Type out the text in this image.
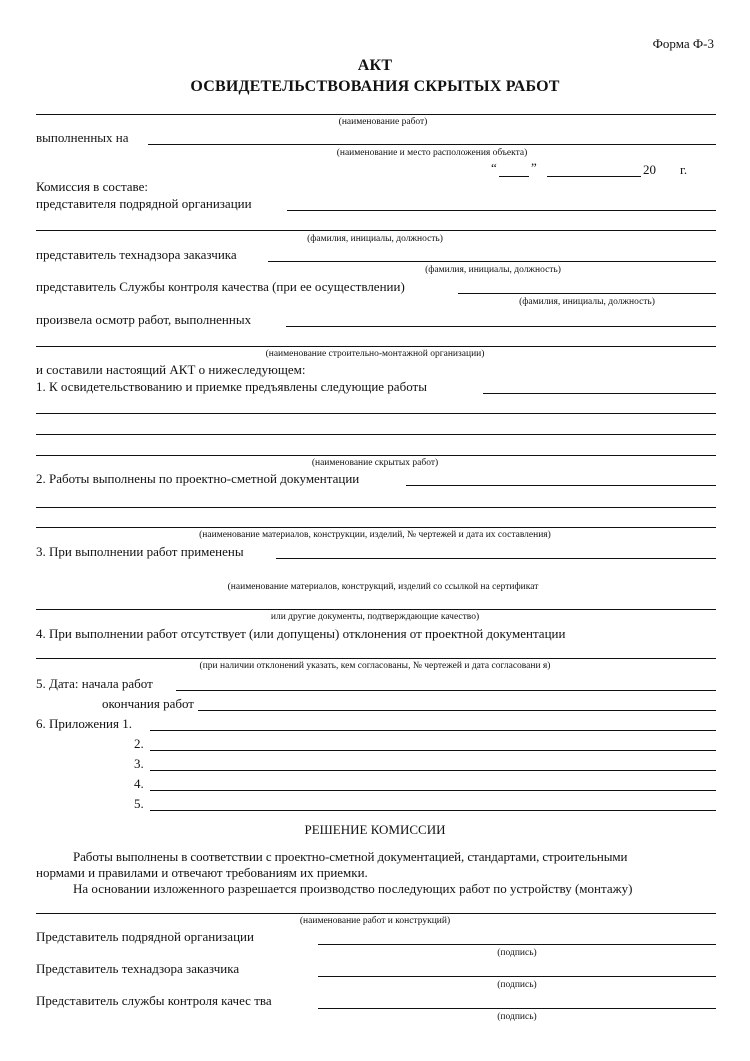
Форма Ф-3
АКТ
ОСВИДЕТЕЛЬСТВОВАНИЯ СКРЫТЫХ РАБОТ
(наименование работ)
выполненных на
(наименование и место расположения объекта)
“	”	20 г.
Комиссия в составе:
представителя подрядной организации
(фамилия, инициалы, должность)
представитель технадзора заказчика
(фамилия, инициалы, должность)
представитель Службы контроля качества (при ее осуществлении)
(фамилия, инициалы, должность)
произвела осмотр работ, выполненных
(наименование строительно-монтажной организации)
и составили настоящий АКТ о нижеследующем:
1. К освидетельствованию и приемке предъявлены следующие работы
(наименование скрытых работ)
2. Работы выполнены по проектно-сметной документации
(наименование материалов, конструкции, изделий, № чертежей и дата их составления)
3. При выполнении работ применены
(наименование материалов, конструкций, изделий со ссылкой на сертификат
или другие документы, подтверждающие качество)
4. При выполнении работ отсутствует (или допущены) отклонения от проектной документации
(при наличии отклонений указать, кем согласованы, № чертежей и дата согласовани я)
5. Дата: начала работ
окончания работ
6. Приложения 1.
2.
3.
4.
5.
РЕШЕНИЕ КОМИССИИ
Работы выполнены в соответствии с проектно-сметной документацией, стандартами, строительными
нормами и правилами и отвечают требованиям их приемки.
На основании изложенного разрешается производство последующих работ по устройству (монтажу)
(наименование работ и конструкций)
Представитель подрядной организации
(подпись)
Представитель технадзора заказчика
(подпись)
Представитель службы контроля качес тва
(подпись)
